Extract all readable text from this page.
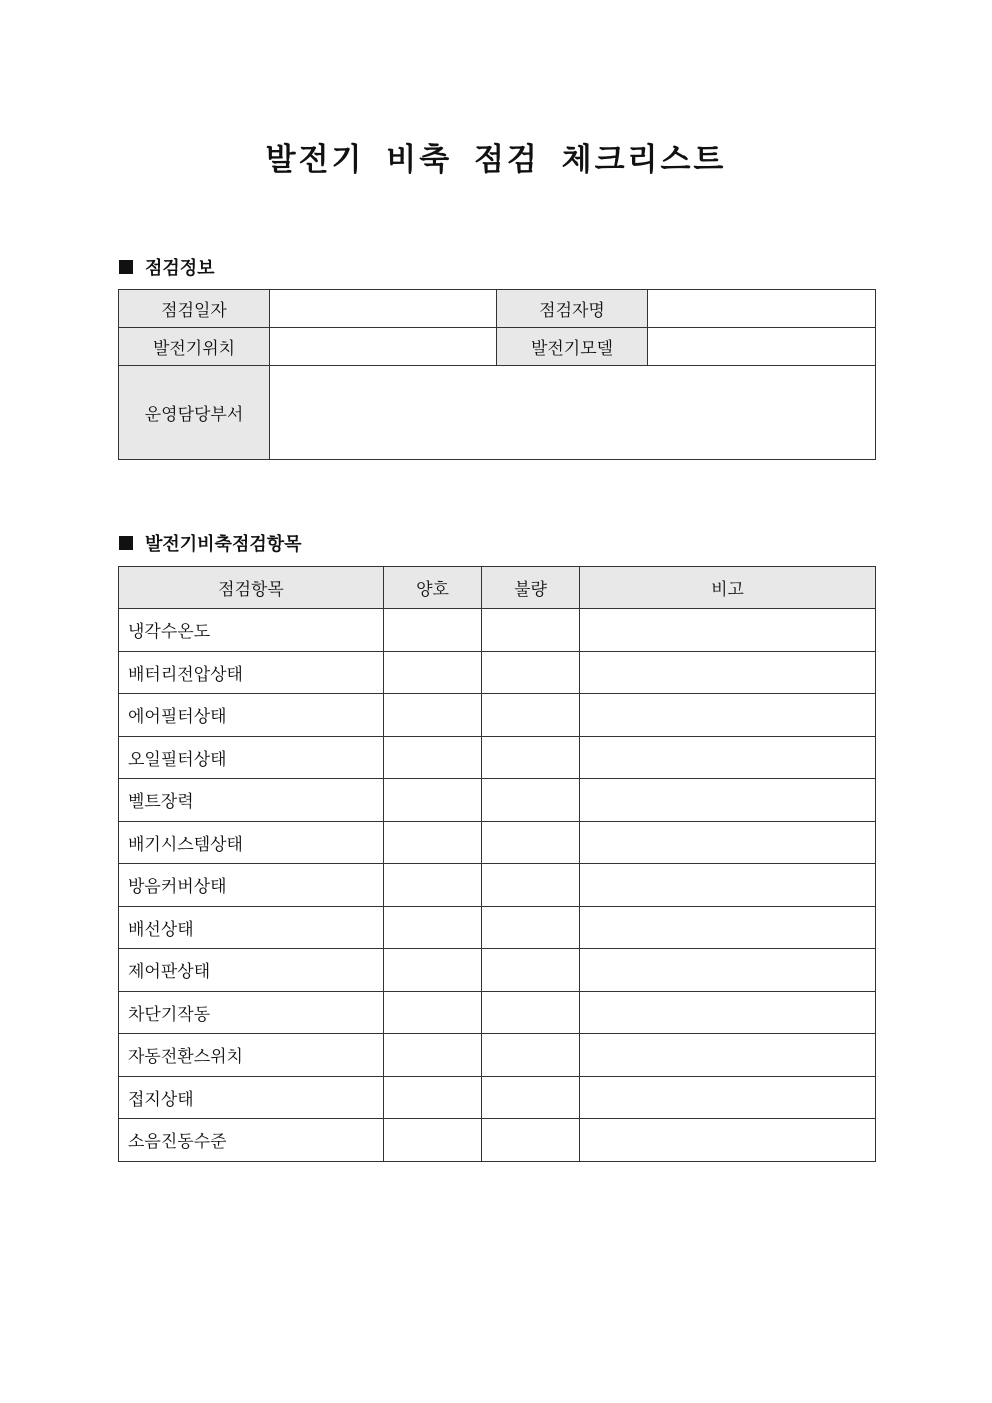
발전기 비축 점검 체크리스트
점검정보
점검일자		점검자명	
발전기위치		발전기모델	
운영담당부서			
발전기비축점검항목
점검항목	양호	불량	비고
냉각수온도			
배터리전압상태			
에어필터상태			
오일필터상태			
벨트장력			
배기시스템상태			
방음커버상태			
배선상태			
제어판상태			
차단기작동			
자동전환스위치			
접지상태			
소음진동수준			
